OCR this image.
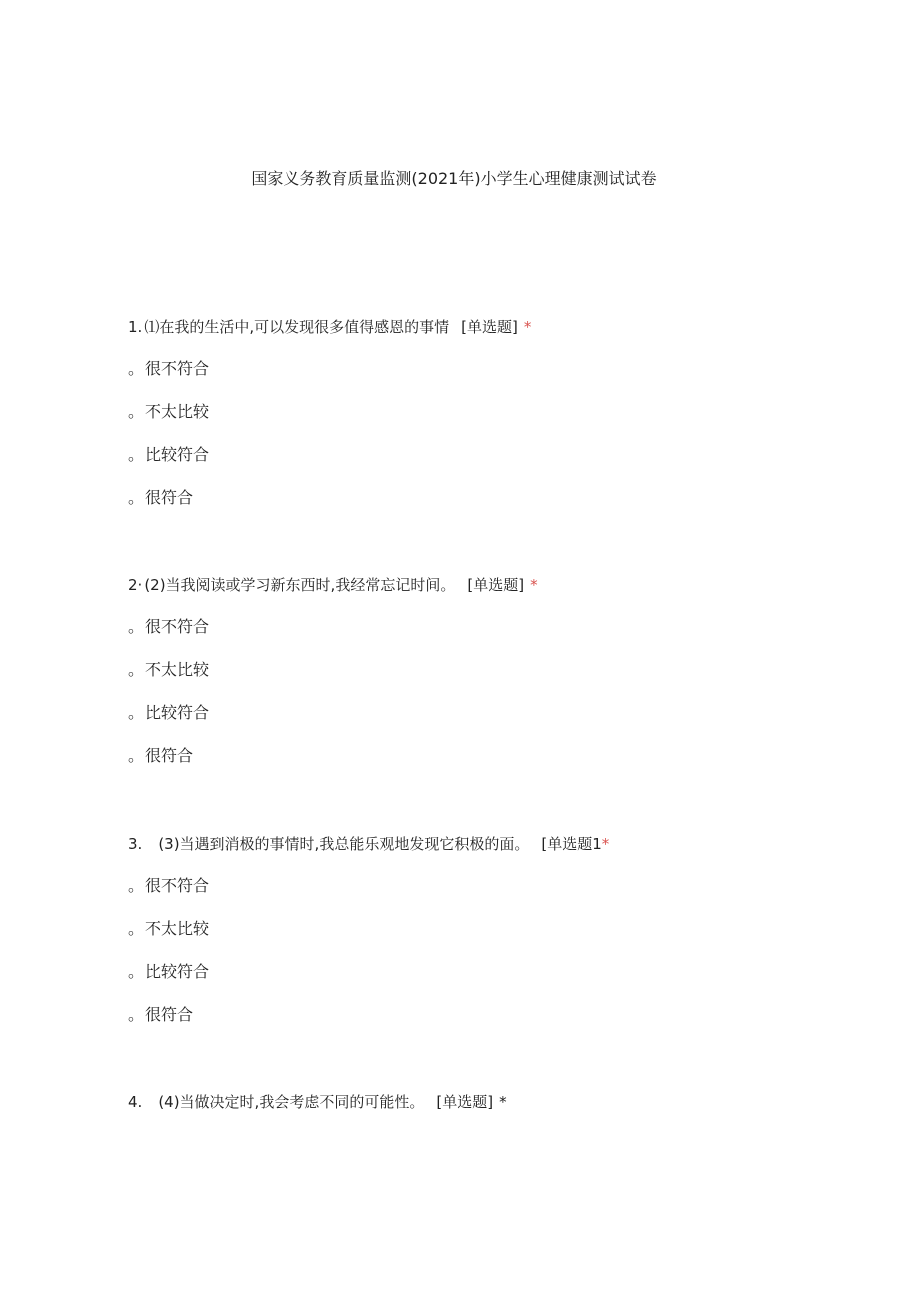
国家义务教育质量监测(2021年)小学生心理健康测试试卷
1. ⑴在我的生活中,可以发现很多值得感恩的事情 [单选题] *
。 很不符合
。 不太比较
。 比较符合
。 很符合
2· (2)当我阅读或学习新东西时,我经常忘记时间。 [单选题] *
。 很不符合
。 不太比较
。 比较符合
。 很符合
3. (3)当遇到消极的事情时,我总能乐观地发现它积极的面。 [单选题1*
。 很不符合
。 不太比较
。 比较符合
。 很符合
4. (4)当做决定时,我会考虑不同的可能性。 [单选题] *
